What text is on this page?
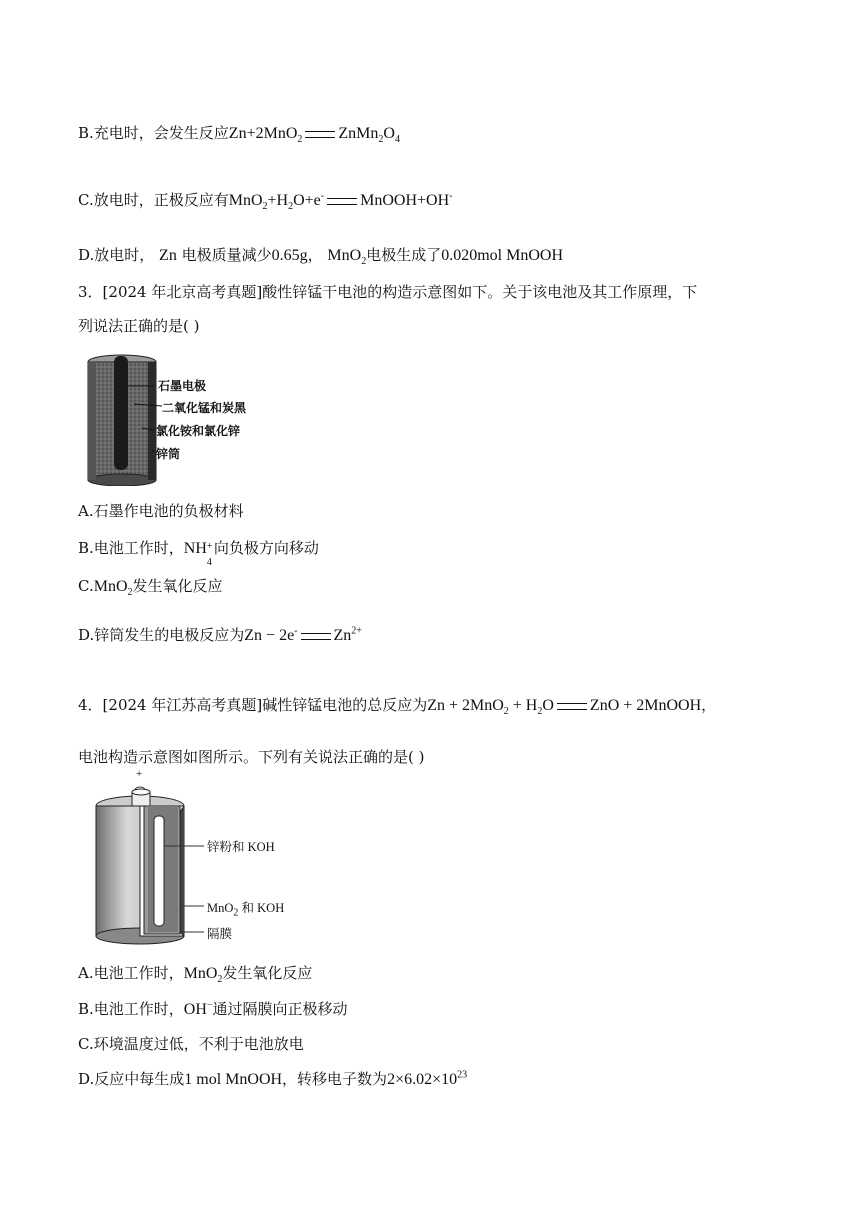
B.充电时，会发生反应Zn+2MnO$_2$ $ZnMn_2O_4$
C.放电时，正极反应有$MnO_2+H_2O+e^-$ MnOOH+OH-
D.放电时， Zn 电极质量减少0.65g， MnO$_2$电极生成了0.020mol MnOOH
3．[2024 年北京高考真题]酸性锌锰干电池的构造示意图如下。关于该电池及其工作原理，下
列说法正确的是( )
石墨电极
二氧化锰和炭黑
氯化铵和氯化锌
锌筒
A.石墨作电池的负极材料
B.电池工作时，NH +
4
向负极方向移动
C.MnO$_2$发生氧化反应
D.锌筒发生的电极反应为Zn − 2e- $Zn^{2+}$
4．[2024 年江苏高考真题]碱性锌锰电池的总反应为$Zn + 2MnO_2 + H_2O$ ZnO + 2MnOOH，
电池构造示意图如图所示。下列有关说法正确的是( )
+
锌粉和 KOH
MnO$_2$ 和 KOH
隔膜
A.电池工作时，MnO$_2$发生氧化反应
B.电池工作时，OH−通过隔膜向正极移动
C.环境温度过低，不利于电池放电
D.反应中每生成1 mol MnOOH，转移电子数为$2\times 6.02\times 10^{23}$
